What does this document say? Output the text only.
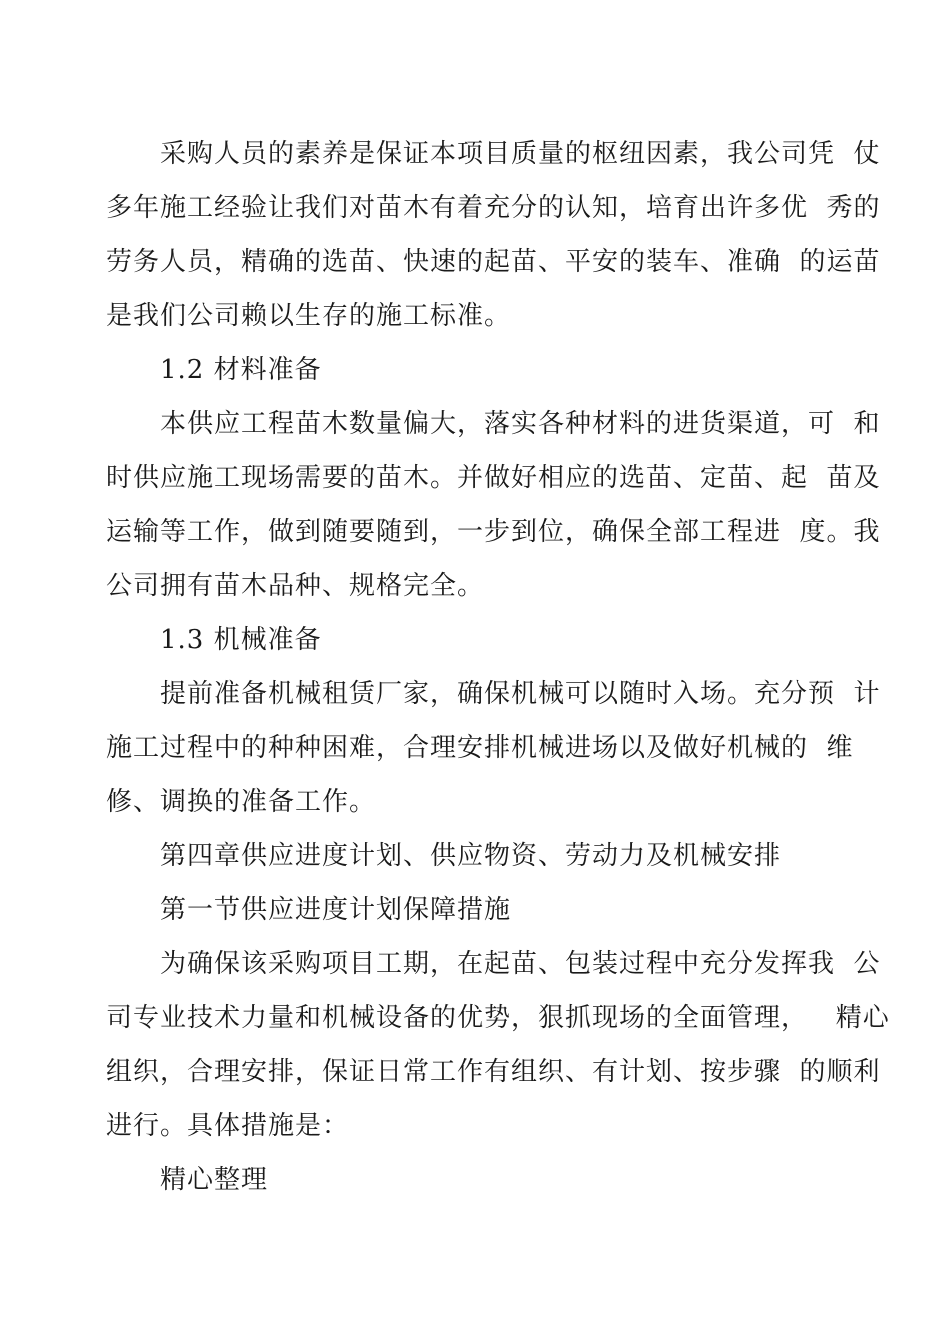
采购人员的素养是保证本项目质量的枢纽因素，我公司凭  仗
多年施工经验让我们对苗木有着充分的认知，培育出许多优  秀的
劳务人员，精确的选苗、快速的起苗、平安的装车、准确  的运苗
是我们公司赖以生存的施工标准。
1.2 材料准备
本供应工程苗木数量偏大，落实各种材料的进货渠道，可  和
时供应施工现场需要的苗木。并做好相应的选苗、定苗、起  苗及
运输等工作，做到随要随到，一步到位，确保全部工程进  度。我
公司拥有苗木品种、规格完全。
1.3 机械准备
提前准备机械租赁厂家，确保机械可以随时入场。充分预  计
施工过程中的种种困难，合理安排机械进场以及做好机械的  维
修、调换的准备工作。
第四章供应进度计划、供应物资、劳动力及机械安排
第一节供应进度计划保障措施
为确保该采购项目工期，在起苗、包装过程中充分发挥我  公
司专业技术力量和机械设备的优势，狠抓现场的全面管理，   精心
组织，合理安排，保证日常工作有组织、有计划、按步骤  的顺利
进行。具体措施是：
精心整理
